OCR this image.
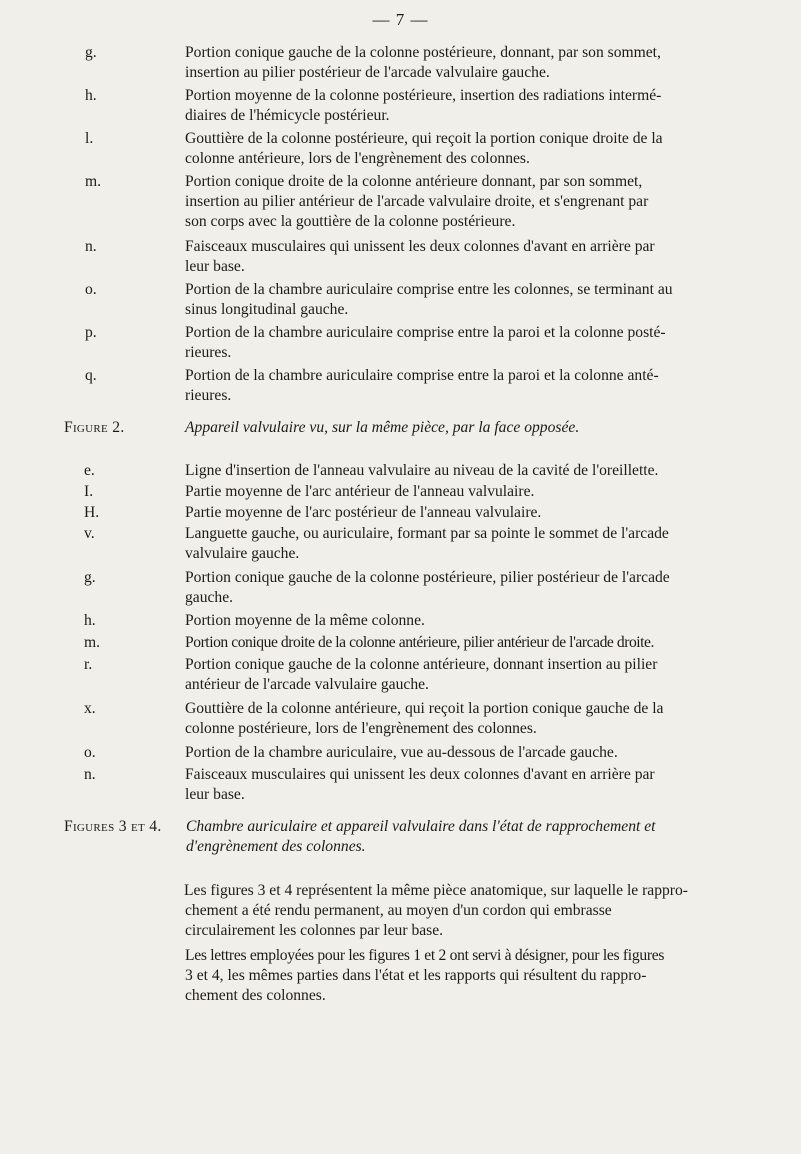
— 7 —
g.	Portion conique gauche de la colonne postérieure, donnant, par son sommet,
insertion au pilier postérieur de l'arcade valvulaire gauche.
h.	Portion moyenne de la colonne postérieure, insertion des radiations intermé-
diaires de l'hémicycle postérieur.
l.	Gouttière de la colonne postérieure, qui reçoit la portion conique droite de la
colonne antérieure, lors de l'engrènement des colonnes.
m.	Portion conique droite de la colonne antérieure donnant, par son sommet,
insertion au pilier antérieur de l'arcade valvulaire droite, et s'engrenant par
son corps avec la gouttière de la colonne postérieure.
n.	Faisceaux musculaires qui unissent les deux colonnes d'avant en arrière par
leur base.
o.	Portion de la chambre auriculaire comprise entre les colonnes, se terminant au
sinus longitudinal gauche.
p.	Portion de la chambre auriculaire comprise entre la paroi et la colonne posté-
rieures.
q.	Portion de la chambre auriculaire comprise entre la paroi et la colonne anté-
rieures.
Figure 2.	Appareil valvulaire vu, sur la même pièce, par la face opposée.
e.	Ligne d'insertion de l'anneau valvulaire au niveau de la cavité de l'oreillette.
I.	Partie moyenne de l'arc antérieur de l'anneau valvulaire.
H.	Partie moyenne de l'arc postérieur de l'anneau valvulaire.
v.	Languette gauche, ou auriculaire, formant par sa pointe le sommet de l'arcade
valvulaire gauche.
g.	Portion conique gauche de la colonne postérieure, pilier postérieur de l'arcade
gauche.
h.	Portion moyenne de la même colonne.
m.	Portion conique droite de la colonne antérieure, pilier antérieur de l'arcade droite.
r.	Portion conique gauche de la colonne antérieure, donnant insertion au pilier
antérieur de l'arcade valvulaire gauche.
x.	Gouttière de la colonne antérieure, qui reçoit la portion conique gauche de la
colonne postérieure, lors de l'engrènement des colonnes.
o.	Portion de la chambre auriculaire, vue au-dessous de l'arcade gauche.
n.	Faisceaux musculaires qui unissent les deux colonnes d'avant en arrière par
leur base.
Figures 3 et 4. Chambre auriculaire et appareil valvulaire dans l'état de rapprochement et
d'engrènement des colonnes.
Les figures 3 et 4 représentent la même pièce anatomique, sur laquelle le rappro-
chement a été rendu permanent, au moyen d'un cordon qui embrasse
circulairement les colonnes par leur base.
Les lettres employées pour les figures 1 et 2 ont servi à désigner, pour les figures
3 et 4, les mêmes parties dans l'état et les rapports qui résultent du rappro-
chement des colonnes.
